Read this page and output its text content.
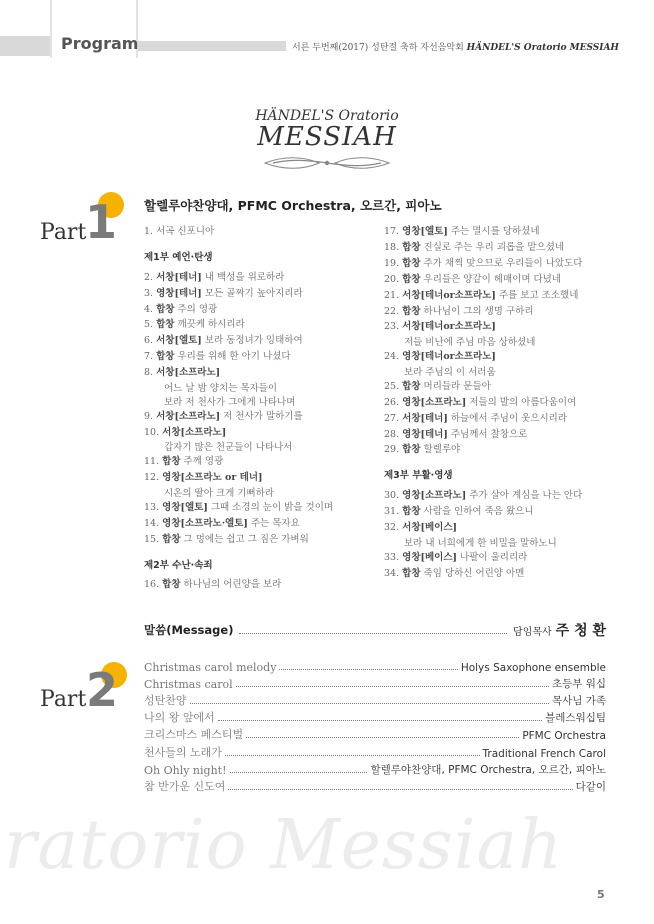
Program	서른 두번째(2017) 성탄절 축하 자선음악회 HÄNDEL'S Oratorio MESSIAH
HÄNDEL'S Oratorio
MESSIAH
Part
1 할렐루야찬양대, PFMC Orchestra, 오르간, 피아노
1. 서곡 신포니아
제1부 예언·탄생
2. 서창[테너] 내 백성을 위로하라
3. 영창[테너] 모든 골짜기 높아지리라
4. 합창 주의 영광
5. 합창 깨끗케 하시리라
6. 서창[엘토] 보라 동정녀가 잉태하여
7. 합창 우리를 위해 한 아기 나셨다
8. 서창[소프라노]
어느 날 밤 양치는 목자들이
보라 저 천사가 그에게 나타나며
9. 서창[소프라노] 저 천사가 말하기를
10. 서창[소프라노]
갑자기 많은 천군들이 나타나서
11. 합창 주께 영광
12. 영창[소프라노 or 테너]
시온의 딸아 크게 기뻐하라
13. 영창[엘토] 그때 소경의 눈이 밝을 것이며
14. 영창[소프라노·엘토] 주는 목자요
15. 합창 그 멍에는 쉽고 그 짐은 가벼워
제2부 수난·속죄
16. 합창 하나님의 어린양을 보라
17. 영창[엘토] 주는 멸시를 당하셨네
18. 합창 진실로 주는 우리 괴롭을 맡으셨네
19. 합창 주가 채찍 맞으므로 우리들이 나았도다
20. 합창 우리들은 양같이 헤매이며 다녔네
21. 서창[테너or소프라노] 주를 보고 조소했네
22. 합창 하나님이 그의 생명 구하리
23. 서창[테너or소프라노]
저들 비난에 주님 마음 상하셨네
24. 영창[테너or소프라노]
보라 주님의 이 서러움
25. 합창 머리들라 문들아
26. 영창[소프라노] 저들의 발의 아름다움이여
27. 서창[테너] 하늘에서 주님이 웃으시리라
28. 영창[테너] 주님께서 찰창으로
29. 합창 할렐루야
제3부 부활·영생
30. 영창[소프라노] 주가 살아 계심을 나는 안다
31. 합창 사람을 인하여 죽음 왔으니
32. 서창[베이스]
보라 내 너희에게 한 비밀을 말하노니
33. 영창[베이스] 나팔이 울리리라
34. 합창 죽임 당하신 어린양 아멘
말씀(Message)	담임목사 주 청 환
Part 2 Christmas carol melody	Holys Saxophone ensemble
Christmas carol	초등부 워십
성탄찬양	목사님 가족
나의 왕 앞에서	블레스워십팀
크리스마스 페스티벌	PFMC Orchestra
천사들의 노래가	Traditional French Carol
Oh Ohly night!	할렐루야찬양대, PFMC Orchestra, 오르간, 피아노
참 반가운 신도여	다같이
ratorio Messiah
5
